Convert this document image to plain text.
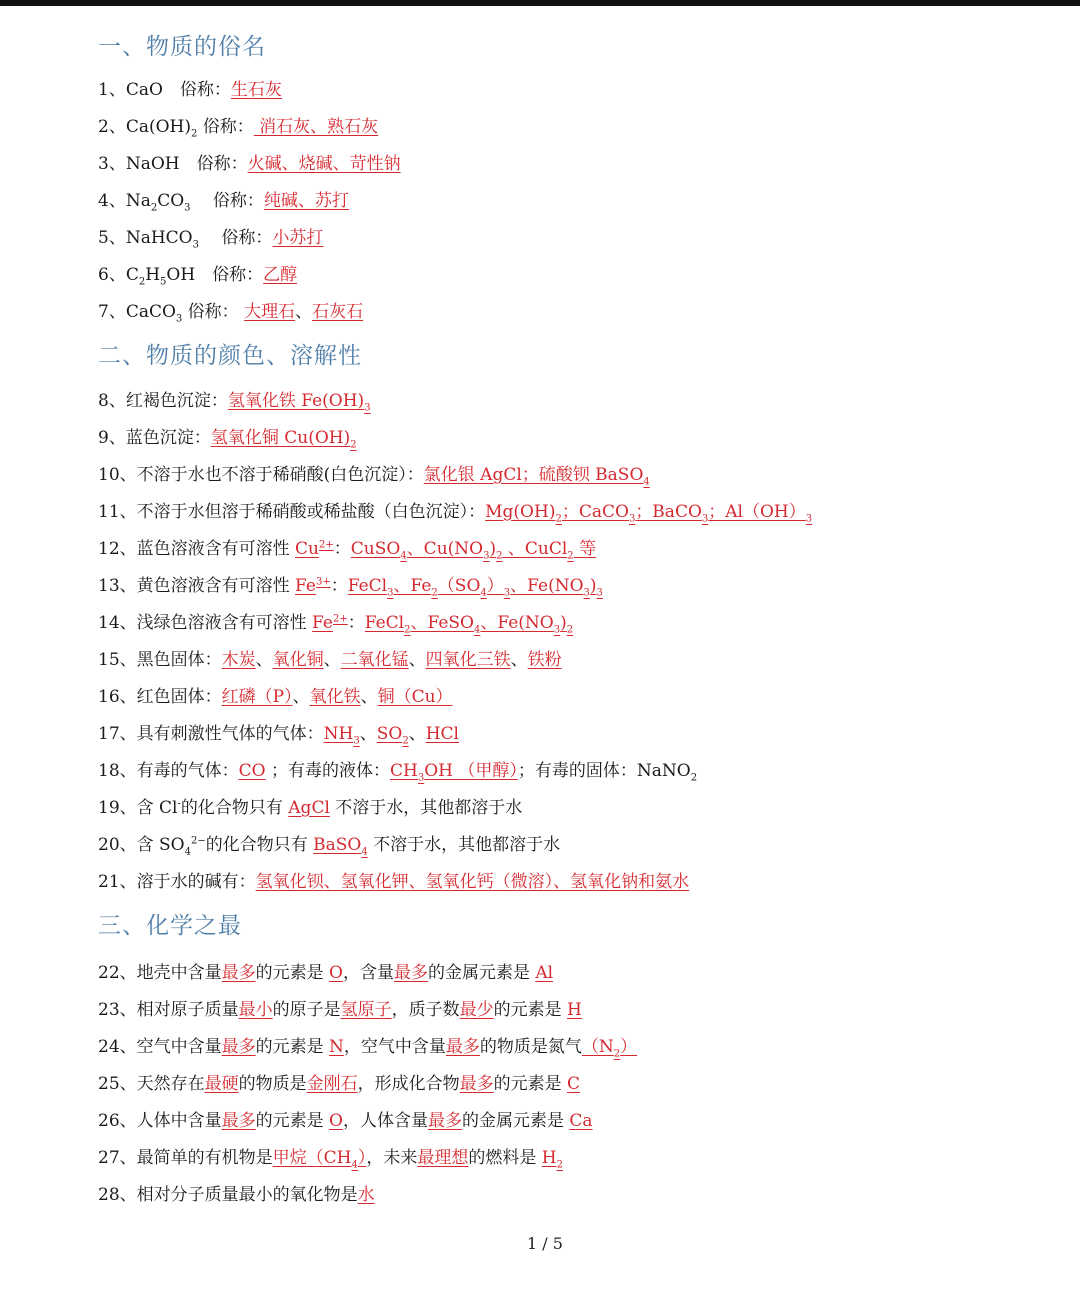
一、物质的俗名
1、CaO　俗称：生石灰
2、$Ca(OH)_2$ 俗称： 消石灰、熟石灰
3、NaOH　俗称：火碱、烧碱、苛性钠
4、$Na_2CO_3$　 俗称：纯碱、苏打
5、NaHCO$_3$　 俗称：小苏打
6、$C_2H_5OH$　俗称：乙醇
7、CaCO$_3$ 俗称： 大理石、石灰石
二、物质的颜色、溶解性
8、红褐色沉淀：氢氧化铁 $Fe(OH)_3$
9、蓝色沉淀：氢氧化铜 $Cu(OH)_2$
10、不溶于水也不溶于稀硝酸(白色沉淀）：氯化银 AgCl；硫酸钡 BaSO$_4$
11、不溶于水但溶于稀硝酸或稀盐酸（白色沉淀）：$Mg(OH)_2$；CaCO$_3$；BaCO$_3$；$Al(OH)_3$
12、蓝色溶液含有可溶性 $Cu^{2+}$：CuSO$_4$、$Cu(NO_3)_2$ 、CuCl$_2$ 等
13、黄色溶液含有可溶性 $Fe^{3+}$：FeCl$_3$、$Fe_2(SO_4)_3$、$Fe(NO_3)_3$
14、浅绿色溶液含有可溶性 $Fe^{2+}$：FeCl$_2$、FeSO$_4$、$Fe(NO_3)_2$
15、黑色固体：木炭、氧化铜、二氧化锰、四氧化三铁、铁粉
16、红色固体：红磷（P）、氧化铁、铜（Cu）
17、具有刺激性气体的气体：$NH_3$、$SO_2$、HCl
18、有毒的气体：CO ；有毒的液体：$CH_3OH$ （甲醇）；有毒的固体：NaNO$_2$
19、含 Cl-的化合物只有 AgCl 不溶于水，其他都溶于水
20、含 $SO_4^{2-}$的化合物只有 BaSO$_4$ 不溶于水，其他都溶于水
21、溶于水的碱有：氢氧化钡、氢氧化钾、氢氧化钙（微溶）、氢氧化钠和氨水
三、化学之最
22、地壳中含量最多的元素是 O，含量最多的金属元素是 Al
23、相对原子质量最小的原子是氢原子，质子数最少的元素是 H
24、空气中含量最多的元素是 N，空气中含量最多的物质是氮气$(N_2)$
25、天然存在最硬的物质是金刚石，形成化合物最多的元素是 C
26、人体中含量最多的元素是 O，人体含量最多的金属元素是 Ca
27、最简单的有机物是甲烷$(CH_4)$，未来最理想的燃料是 $H_2$
28、相对分子质量最小的氧化物是水
1 / 5
